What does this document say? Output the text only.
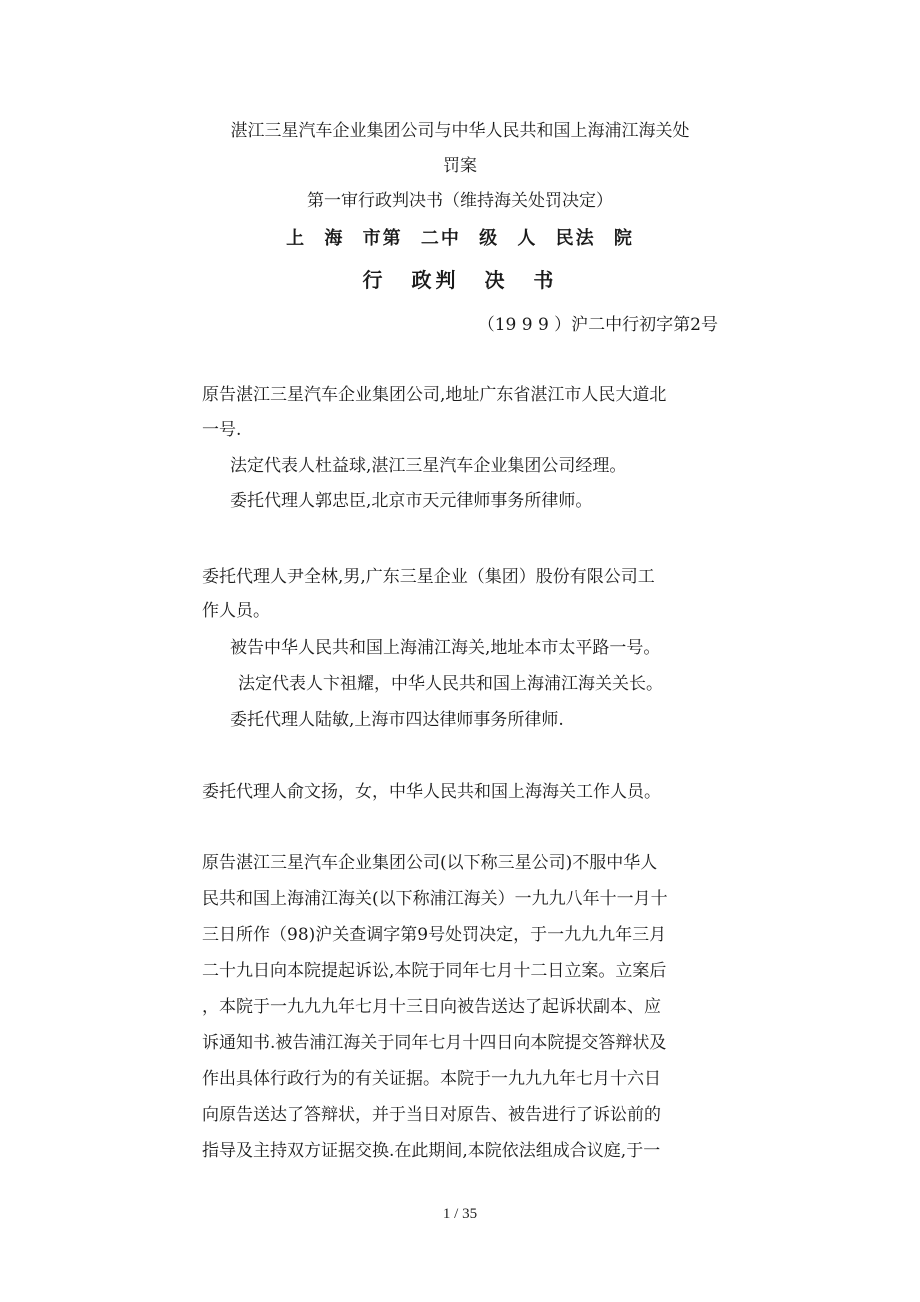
湛江三星汽车企业集团公司与中华人民共和国上海浦江海关处
罚案
第一审行政判决书（维持海关处罚决定）
上 海 市第 二中 级 人 民法 院
行 政判 决 书
（19 9 9 ）沪二中行初字第2号
原告湛江三星汽车企业集团公司,地址广东省湛江市人民大道北
一号.
法定代表人杜益球,湛江三星汽车企业集团公司经理。
委托代理人郭忠臣,北京市天元律师事务所律师。
委托代理人尹全林,男,广东三星企业（集团）股份有限公司工
作人员。
被告中华人民共和国上海浦江海关,地址本市太平路一号。
法定代表人卞祖耀，中华人民共和国上海浦江海关关长。
委托代理人陆敏,上海市四达律师事务所律师.
委托代理人俞文扬，女，中华人民共和国上海海关工作人员。
原告湛江三星汽车企业集团公司(以下称三星公司)不服中华人
民共和国上海浦江海关(以下称浦江海关）一九九八年十一月十
三日所作（98)沪关查调字第9号处罚决定，于一九九九年三月
二十九日向本院提起诉讼,本院于同年七月十二日立案。立案后
，本院于一九九九年七月十三日向被告送达了起诉状副本、应
诉通知书.被告浦江海关于同年七月十四日向本院提交答辩状及
作出具体行政行为的有关证据。本院于一九九九年七月十六日
向原告送达了答辩状，并于当日对原告、被告进行了诉讼前的
指导及主持双方证据交换.在此期间,本院依法组成合议庭,于一
1 / 35
